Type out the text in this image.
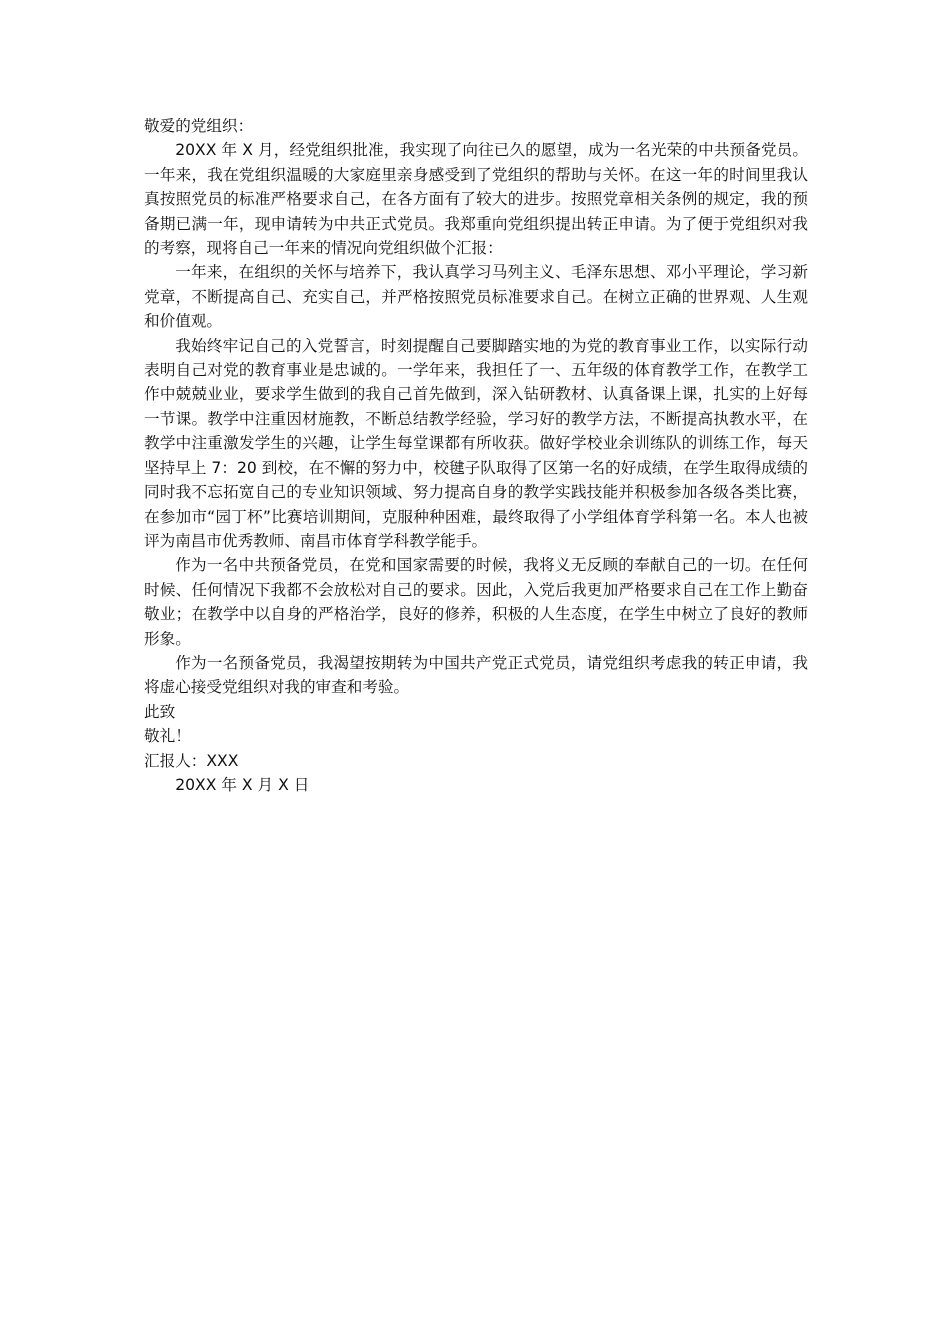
敬爱的党组织：

20XX 年 X 月，经党组织批准，我实现了向往已久的愿望，成为一名光荣的中共预备党员。一年来，我在党组织温暖的大家庭里亲身感受到了党组织的帮助与关怀。在这一年的时间里我认真按照党员的标准严格要求自己，在各方面有了较大的进步。按照党章相关条例的规定，我的预备期已满一年，现申请转为中共正式党员。我郑重向党组织提出转正申请。为了便于党组织对我的考察，现将自己一年来的情况向党组织做个汇报：

一年来，在组织的关怀与培养下，我认真学习马列主义、毛泽东思想、邓小平理论，学习新党章，不断提高自己、充实自己，并严格按照党员标准要求自己。在树立正确的世界观、人生观和价值观。

我始终牢记自己的入党誓言，时刻提醒自己要脚踏实地的为党的教育事业工作，以实际行动表明自己对党的教育事业是忠诚的。一学年来，我担任了一、五年级的体育教学工作，在教学工作中兢兢业业，要求学生做到的我自己首先做到，深入钻研教材、认真备课上课，扎实的上好每一节课。教学中注重因材施教，不断总结教学经验，学习好的教学方法，不断提高执教水平，在教学中注重激发学生的兴趣，让学生每堂课都有所收获。做好学校业余训练队的训练工作，每天坚持早上 7：20 到校，在不懈的努力中，校毽子队取得了区第一名的好成绩，在学生取得成绩的同时我不忘拓宽自己的专业知识领域、努力提高自身的教学实践技能并积极参加各级各类比赛，在参加市“园丁杯”比赛培训期间，克服种种困难，最终取得了小学组体育学科第一名。本人也被评为南昌市优秀教师、南昌市体育学科教学能手。

作为一名中共预备党员，在党和国家需要的时候，我将义无反顾的奉献自己的一切。在任何时候、任何情况下我都不会放松对自己的要求。因此，入党后我更加严格要求自己在工作上勤奋敬业；在教学中以自身的严格治学，良好的修养，积极的人生态度，在学生中树立了良好的教师形象。

作为一名预备党员，我渴望按期转为中国共产党正式党员，请党组织考虑我的转正申请，我将虚心接受党组织对我的审查和考验。

此致

敬礼！

汇报人：XXX

20XX 年 X 月 X 日
